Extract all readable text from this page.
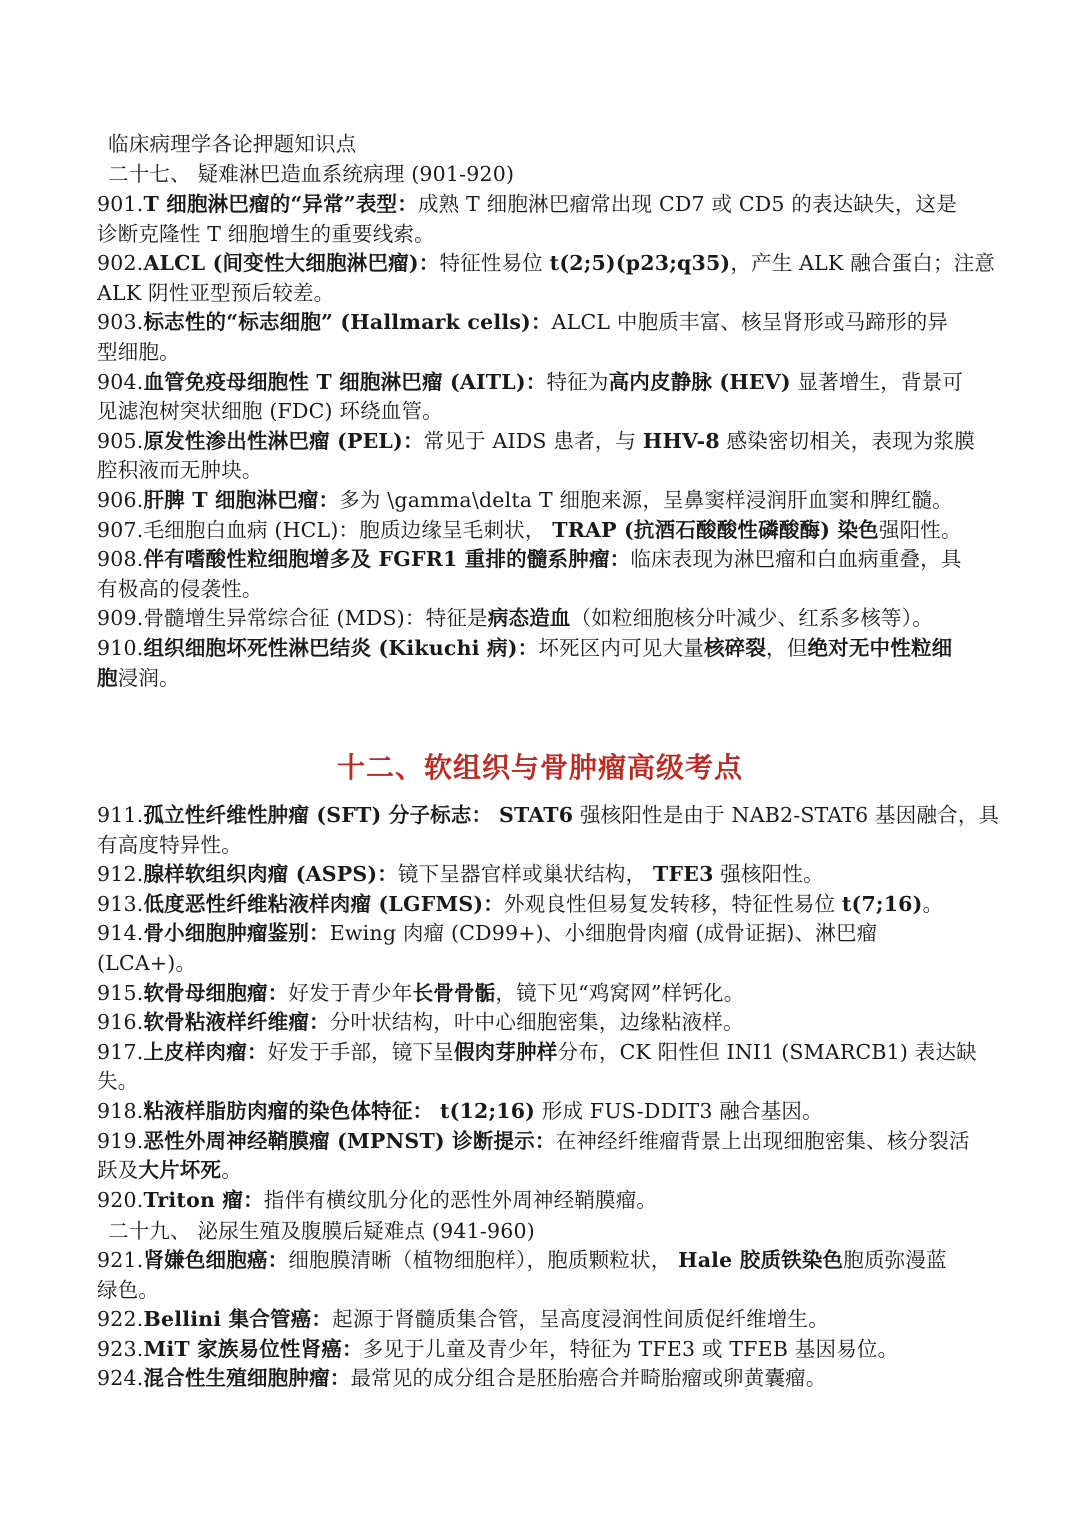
临床病理学各论押题知识点
二十七、 疑难淋巴造血系统病理 (901-920)
901.T 细胞淋巴瘤的“异常”表型：成熟 T 细胞淋巴瘤常出现 CD7 或 CD5 的表达缺失，这是
诊断克隆性 T 细胞增生的重要线索。
902.ALCL (间变性大细胞淋巴瘤)：特征性易位 t(2;5)(p23;q35)，产生 ALK 融合蛋白；注意
ALK 阴性亚型预后较差。
903.标志性的“标志细胞” (Hallmark cells)：ALCL 中胞质丰富、核呈肾形或马蹄形的异
型细胞。
904.血管免疫母细胞性 T 细胞淋巴瘤 (AITL)：特征为高内皮静脉 (HEV) 显著增生，背景可
见滤泡树突状细胞 (FDC) 环绕血管。
905.原发性渗出性淋巴瘤 (PEL)：常见于 AIDS 患者，与 HHV-8 感染密切相关，表现为浆膜
腔积液而无肿块。
906.肝脾 T 细胞淋巴瘤：多为 \gamma\delta T 细胞来源，呈鼻窦样浸润肝血窦和脾红髓。
907.毛细胞白血病 (HCL)：胞质边缘呈毛刺状， TRAP (抗酒石酸酸性磷酸酶) 染色强阳性。
908.伴有嗜酸性粒细胞增多及 FGFR1 重排的髓系肿瘤：临床表现为淋巴瘤和白血病重叠，具
有极高的侵袭性。
909.骨髓增生异常综合征 (MDS)：特征是病态造血（如粒细胞核分叶减少、红系多核等）。
910.组织细胞坏死性淋巴结炎 (Kikuchi 病)：坏死区内可见大量核碎裂，但绝对无中性粒细
胞浸润。
十二、软组织与骨肿瘤高级考点
911.孤立性纤维性肿瘤 (SFT) 分子标志： STAT6 强核阳性是由于 NAB2-STAT6 基因融合，具
有高度特异性。
912.腺样软组织肉瘤 (ASPS)：镜下呈器官样或巢状结构， TFE3 强核阳性。
913.低度恶性纤维粘液样肉瘤 (LGFMS)：外观良性但易复发转移，特征性易位 t(7;16)。
914.骨小细胞肿瘤鉴别：Ewing 肉瘤 (CD99+)、小细胞骨肉瘤 (成骨证据)、淋巴瘤
(LCA+)。
915.软骨母细胞瘤：好发于青少年长骨骨骺，镜下见“鸡窝网”样钙化。
916.软骨粘液样纤维瘤：分叶状结构，叶中心细胞密集，边缘粘液样。
917.上皮样肉瘤：好发于手部，镜下呈假肉芽肿样分布，CK 阳性但 INI1 (SMARCB1) 表达缺
失。
918.粘液样脂肪肉瘤的染色体特征： t(12;16) 形成 FUS-DDIT3 融合基因。
919.恶性外周神经鞘膜瘤 (MPNST) 诊断提示：在神经纤维瘤背景上出现细胞密集、核分裂活
跃及大片坏死。
920.Triton 瘤：指伴有横纹肌分化的恶性外周神经鞘膜瘤。
二十九、 泌尿生殖及腹膜后疑难点 (941-960)
921.肾嫌色细胞癌：细胞膜清晰（植物细胞样），胞质颗粒状， Hale 胶质铁染色胞质弥漫蓝
绿色。
922.Bellini 集合管癌：起源于肾髓质集合管，呈高度浸润性间质促纤维增生。
923.MiT 家族易位性肾癌：多见于儿童及青少年，特征为 TFE3 或 TFEB 基因易位。
924.混合性生殖细胞肿瘤：最常见的成分组合是胚胎癌合并畸胎瘤或卵黄囊瘤。
